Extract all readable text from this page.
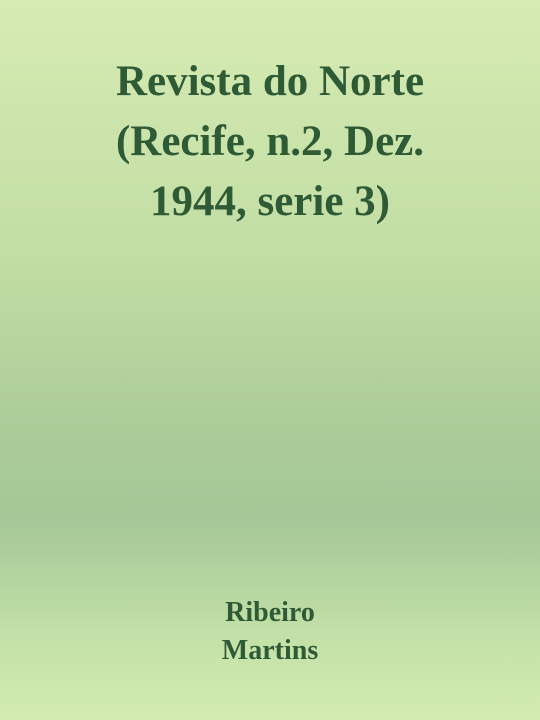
Revista do Norte
(Recife, n.2, Dez.
1944, serie 3)
Ribeiro
Martins
